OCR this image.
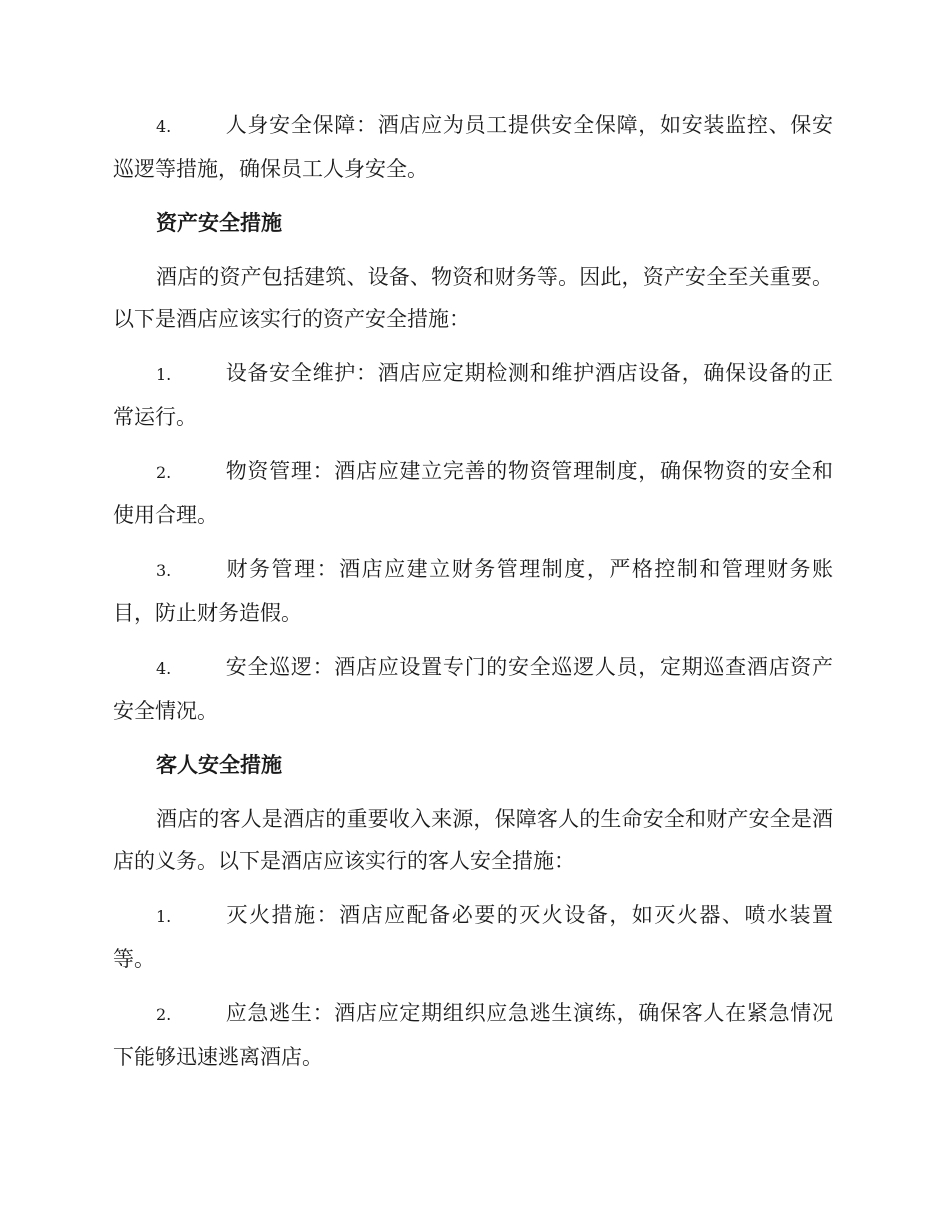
4.	人身安全保障：酒店应为员工提供安全保障，如安装监控、保安巡逻等措施，确保员工人身安全。

资产安全措施

酒店的资产包括建筑、设备、物资和财务等。因此，资产安全至关重要。以下是酒店应该实行的资产安全措施：

1.	设备安全维护：酒店应定期检测和维护酒店设备，确保设备的正常运行。

2.	物资管理：酒店应建立完善的物资管理制度，确保物资的安全和使用合理。

3.	财务管理：酒店应建立财务管理制度，严格控制和管理财务账目，防止财务造假。

4.	安全巡逻：酒店应设置专门的安全巡逻人员，定期巡查酒店资产安全情况。

客人安全措施

酒店的客人是酒店的重要收入来源，保障客人的生命安全和财产安全是酒店的义务。以下是酒店应该实行的客人安全措施：

1.	灭火措施：酒店应配备必要的灭火设备，如灭火器、喷水装置等。

2.	应急逃生：酒店应定期组织应急逃生演练，确保客人在紧急情况下能够迅速逃离酒店。
